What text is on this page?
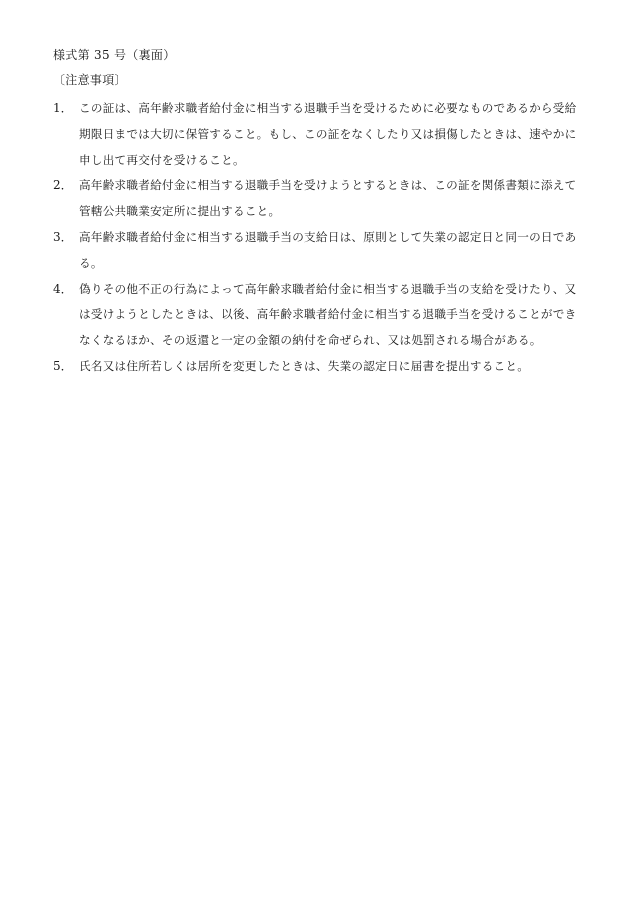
様式第 35 号（裏面）
〔注意事項〕
1． この証は、高年齢求職者給付金に相当する退職手当を受けるために必要なものであるから受給期限日までは大切に保管すること。もし、この証をなくしたり又は損傷したときは、速やかに申し出て再交付を受けること。

2． 高年齢求職者給付金に相当する退職手当を受けようとするときは、この証を関係書類に添えて管轄公共職業安定所に提出すること。

3． 高年齢求職者給付金に相当する退職手当の支給日は、原則として失業の認定日と同一の日である。

4． 偽りその他不正の行為によって高年齢求職者給付金に相当する退職手当の支給を受けたり、又は受けようとしたときは、以後、高年齢求職者給付金に相当する退職手当を受けることができなくなるほか、その返還と一定の金額の納付を命ぜられ、又は処罰される場合がある。

5． 氏名又は住所若しくは居所を変更したときは、失業の認定日に届書を提出すること。
